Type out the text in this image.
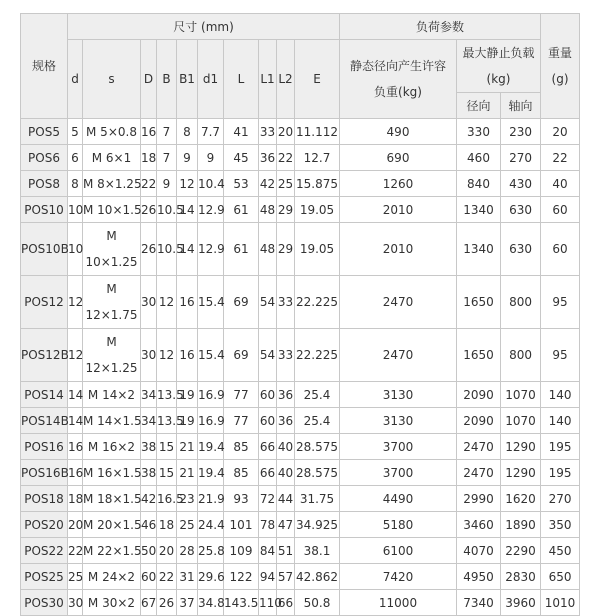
规格	尺寸 (mm)										负荷参数			重量
(g)
	d	s	D	B	B1	d1	L	L1	L2	E	静态径向产生许容负重(kg)	最大静止负载(kg)		
												径向	轴向	
POS5	5	M 5×0.8	16	7	8	7.7	41	33	20	11.112	490	330	230	20
POS6	6	M 6×1	18	7	9	9	45	36	22	12.7	690	460	270	22
POS8	8	M 8×1.25	22	9	12	10.4	53	42	25	15.875	1260	840	430	40
POS10	10	M 10×1.5	26	10.5	14	12.9	61	48	29	19.05	2010	1340	630	60
POS10B	10	M 10×1.25	26	10.5	14	12.9	61	48	29	19.05	2010	1340	630	60
POS12	12	M 12×1.75	30	12	16	15.4	69	54	33	22.225	2470	1650	800	95
POS12B	12	M 12×1.25	30	12	16	15.4	69	54	33	22.225	2470	1650	800	95
POS14	14	M 14×2	34	13.5	19	16.9	77	60	36	25.4	3130	2090	1070	140
POS14B	14	M 14×1.5	34	13.5	19	16.9	77	60	36	25.4	3130	2090	1070	140
POS16	16	M 16×2	38	15	21	19.4	85	66	40	28.575	3700	2470	1290	195
POS16B	16	M 16×1.5	38	15	21	19.4	85	66	40	28.575	3700	2470	1290	195
POS18	18	M 18×1.5	42	16.5	23	21.9	93	72	44	31.75	4490	2990	1620	270
POS20	20	M 20×1.5	46	18	25	24.4	101	78	47	34.925	5180	3460	1890	350
POS22	22	M 22×1.5	50	20	28	25.8	109	84	51	38.1	6100	4070	2290	450
POS25	25	M 24×2	60	22	31	29.6	122	94	57	42.862	7420	4950	2830	650
POS30	30	M 30×2	67	26	37	34.8	143.5	110	66	50.8	11000	7340	3960	1010
